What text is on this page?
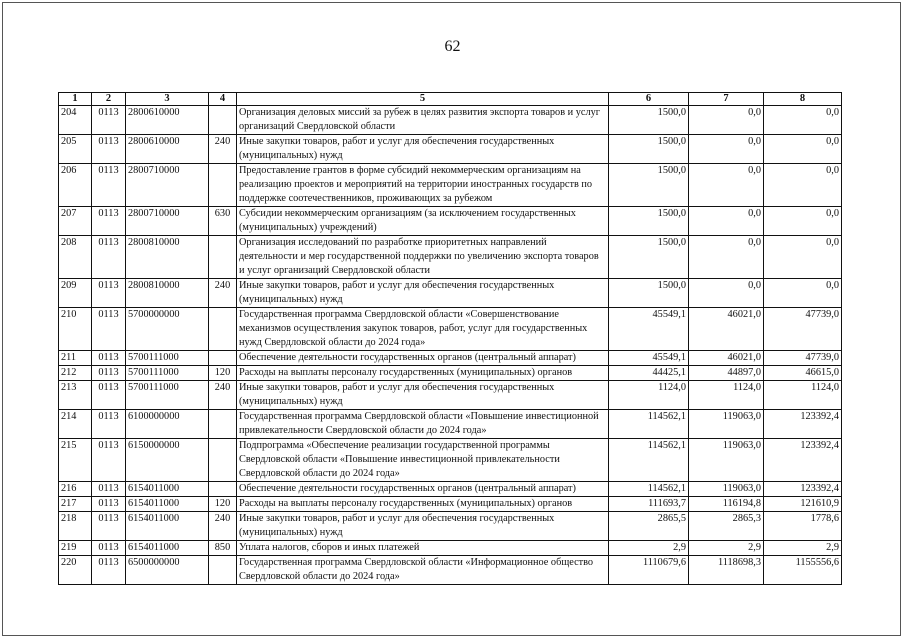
62
1	2	3	4	5	6	7	8
204	0113	2800610000		Организация деловых миссий за рубеж в целях развития экспорта товаров и услуг организаций Свердловской области	1500,0	0,0	0,0
205	0113	2800610000	240	Иные закупки товаров, работ и услуг для обеспечения государственных (муниципальных) нужд	1500,0	0,0	0,0
206	0113	2800710000		Предоставление грантов в форме субсидий некоммерческим организациям на реализацию проектов и мероприятий на территории иностранных государств по поддержке соотечественников, проживающих за рубежом	1500,0	0,0	0,0
207	0113	2800710000	630	Субсидии некоммерческим организациям (за исключением государственных (муниципальных) учреждений)	1500,0	0,0	0,0
208	0113	2800810000		Организация исследований по разработке приоритетных направлений деятельности и мер государственной поддержки по увеличению экспорта товаров и услуг организаций Свердловской области	1500,0	0,0	0,0
209	0113	2800810000	240	Иные закупки товаров, работ и услуг для обеспечения государственных (муниципальных) нужд	1500,0	0,0	0,0
210	0113	5700000000		Государственная программа Свердловской области «Совершенствование механизмов осуществления закупок товаров, работ, услуг для государственных нужд Свердловской области до 2024 года»	45549,1	46021,0	47739,0
211	0113	5700111000		Обеспечение деятельности государственных органов (центральный аппарат)	45549,1	46021,0	47739,0
212	0113	5700111000	120	Расходы на выплаты персоналу государственных (муниципальных) органов	44425,1	44897,0	46615,0
213	0113	5700111000	240	Иные закупки товаров, работ и услуг для обеспечения государственных (муниципальных) нужд	1124,0	1124,0	1124,0
214	0113	6100000000		Государственная программа Свердловской области «Повышение инвестиционной привлекательности Свердловской области до 2024 года»	114562,1	119063,0	123392,4
215	0113	6150000000		Подпрограмма «Обеспечение реализации государственной программы Свердловской области «Повышение инвестиционной привлекательности Свердловской области до 2024 года»	114562,1	119063,0	123392,4
216	0113	6154011000		Обеспечение деятельности государственных органов (центральный аппарат)	114562,1	119063,0	123392,4
217	0113	6154011000	120	Расходы на выплаты персоналу государственных (муниципальных) органов	111693,7	116194,8	121610,9
218	0113	6154011000	240	Иные закупки товаров, работ и услуг для обеспечения государственных (муниципальных) нужд	2865,5	2865,3	1778,6
219	0113	6154011000	850	Уплата налогов, сборов и иных платежей	2,9	2,9	2,9
220	0113	6500000000		Государственная программа Свердловской области «Информационное общество Свердловской области до 2024 года»	1110679,6	1118698,3	1155556,6
